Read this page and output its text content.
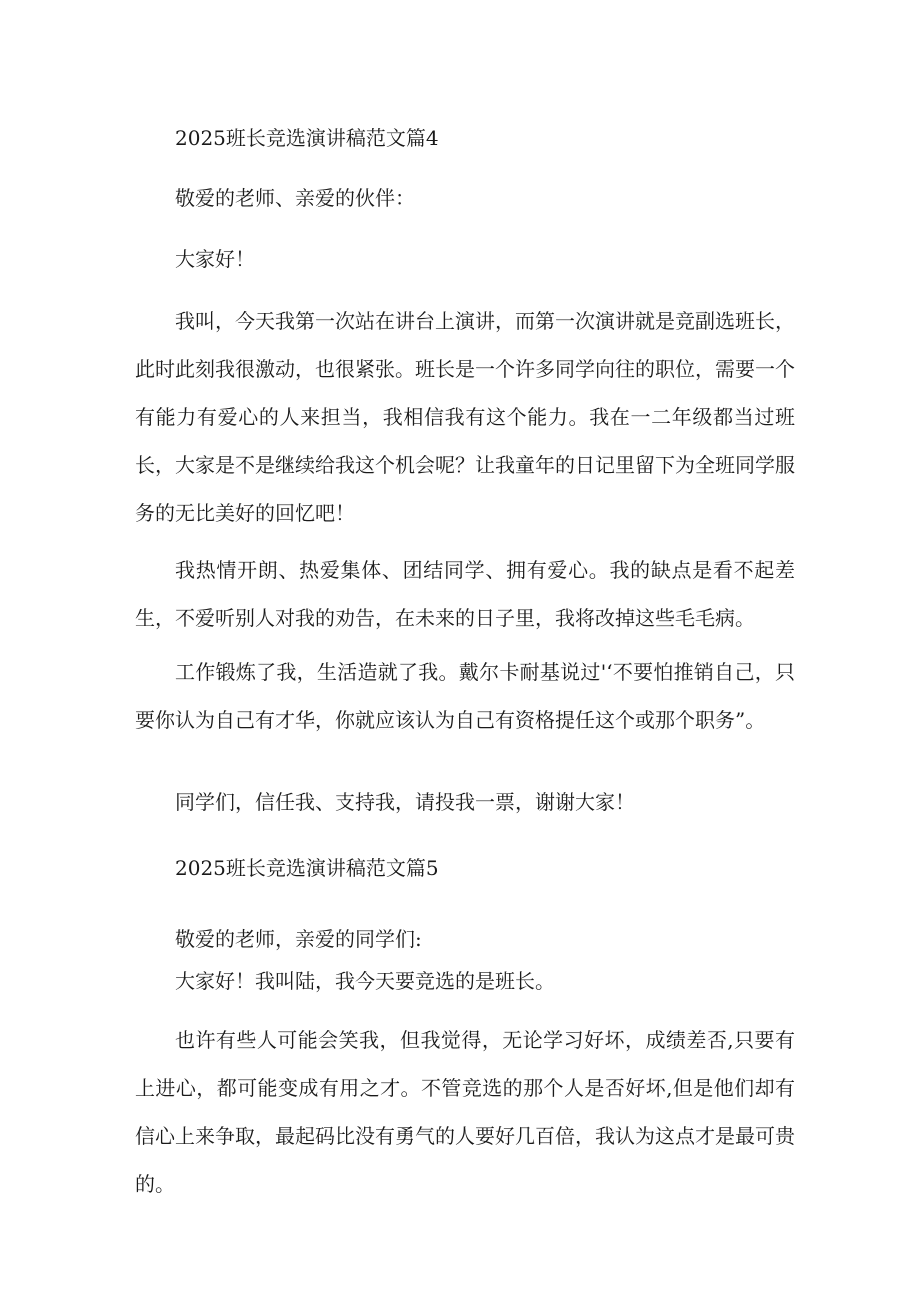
2025班长竞选演讲稿范文篇4

敬爱的老师、亲爱的伙伴：

大家好！

我叫，今天我第一次站在讲台上演讲，而第一次演讲就是竞副选班长，此时此刻我很激动，也很紧张。班长是一个许多同学向往的职位，需要一个有能力有爱心的人来担当，我相信我有这个能力。我在一二年级都当过班长，大家是不是继续给我这个机会呢？让我童年的日记里留下为全班同学服务的无比美好的回忆吧！

我热情开朗、热爱集体、团结同学、拥有爱心。我的缺点是看不起差生，不爱听别人对我的劝告，在未来的日子里，我将改掉这些毛毛病。

工作锻炼了我，生活造就了我。戴尔卡耐基说过'‘不要怕推销自己，只要你认为自己有才华，你就应该认为自己有资格提任这个或那个职务”。

同学们，信任我、支持我，请投我一票，谢谢大家！

2025班长竞选演讲稿范文篇5

敬爱的老师，亲爱的同学们:

大家好！我叫陆，我今天要竞选的是班长。

也许有些人可能会笑我，但我觉得，无论学习好坏，成绩差否,只要有上进心，都可能变成有用之才。不管竞选的那个人是否好坏,但是他们却有信心上来争取，最起码比没有勇气的人要好几百倍，我认为这点才是最可贵的。
